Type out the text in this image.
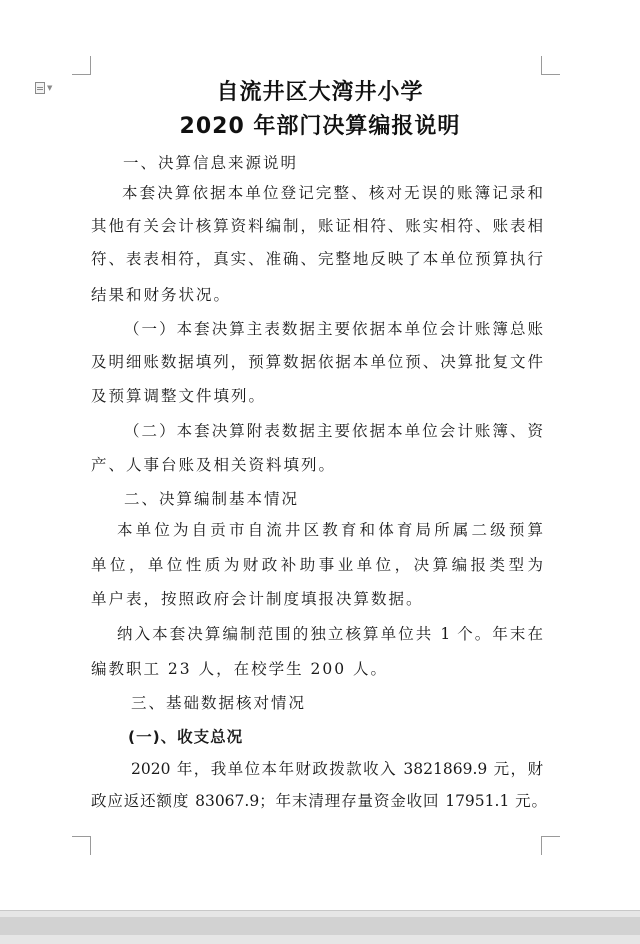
▼	自流井区大湾井小学
2020 年部门决算编报说明

一、决算信息来源说明

本套决算依据本单位登记完整、核对无误的账簿记录和

其他有关会计核算资料编制，账证相符、账实相符、账表相

符、表表相符，真实、准确、完整地反映了本单位预算执行

结果和财务状况。

（一）本套决算主表数据主要依据本单位会计账簿总账

及明细账数据填列，预算数据依据本单位预、决算批复文件

及预算调整文件填列。

（二）本套决算附表数据主要依据本单位会计账簿、资

产、人事台账及相关资料填列。

二、决算编制基本情况

本单位为自贡市自流井区教育和体育局所属二级预算

单位，单位性质为财政补助事业单位，决算编报类型为

单户表，按照政府会计制度填报决算数据。

纳入本套决算编制范围的独立核算单位共 1 个。年末在

编教职工 23 人，在校学生 200 人。

三、基础数据核对情况

(一)、收支总况

2020 年，我单位本年财政拨款收入 3821869.9 元，财

政应返还额度 83067.9；年末清理存量资金收回 17951.1 元。
